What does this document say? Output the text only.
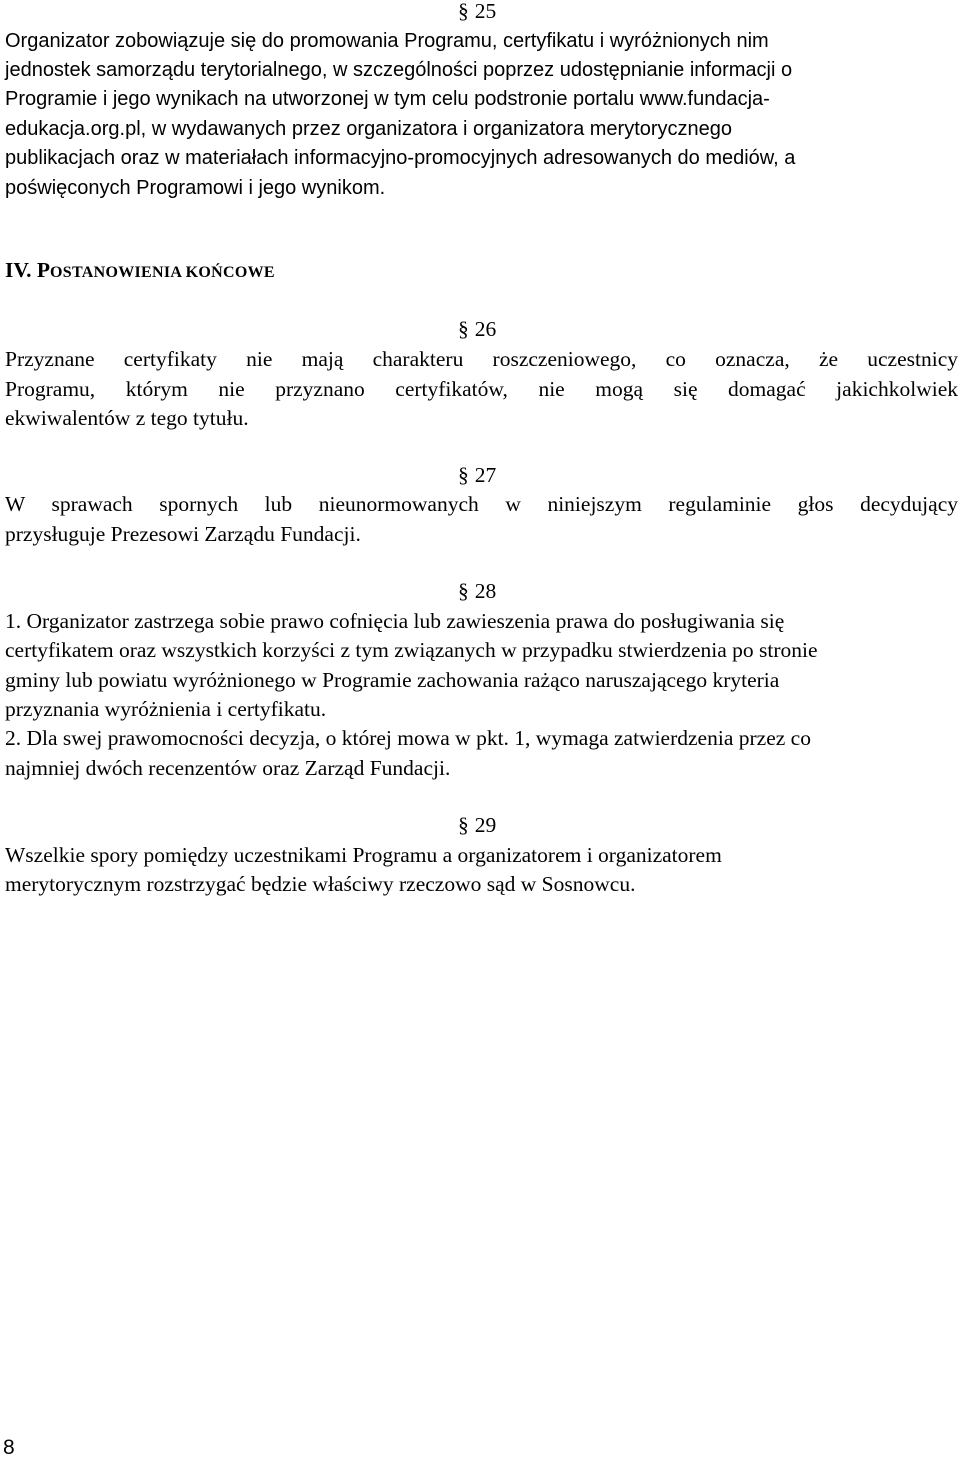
§ 25
Organizator zobowiązuje się do promowania Programu, certyfikatu i wyróżnionych nim
jednostek samorządu terytorialnego, w szczególności poprzez udostępnianie informacji o
Programie i jego wynikach na utworzonej w tym celu podstronie portalu www.fundacja-
edukacja.org.pl, w wydawanych przez organizatora i organizatora merytorycznego
publikacjach oraz w materiałach informacyjno-promocyjnych adresowanych do mediów, a
poświęconych Programowi i jego wynikom.
IV. POSTANOWIENIA KOŃCOWE
§ 26
Przyznane certyfikaty nie mają charakteru roszczeniowego, co oznacza, że uczestnicy
Programu, którym nie przyznano certyfikatów, nie mogą się domagać jakichkolwiek
ekwiwalentów z tego tytułu.
§ 27
W sprawach spornych lub nieunormowanych w niniejszym regulaminie głos decydujący
przysługuje Prezesowi Zarządu Fundacji.
§ 28
1. Organizator zastrzega sobie prawo cofnięcia lub zawieszenia prawa do posługiwania się
certyfikatem oraz wszystkich korzyści z tym związanych w przypadku stwierdzenia po stronie
gminy lub powiatu wyróżnionego w Programie zachowania rażąco naruszającego kryteria
przyznania wyróżnienia i certyfikatu.
2. Dla swej prawomocności decyzja, o której mowa w pkt. 1, wymaga zatwierdzenia przez co
najmniej dwóch recenzentów oraz Zarząd Fundacji.
§ 29
Wszelkie spory pomiędzy uczestnikami Programu a organizatorem i organizatorem
merytorycznym rozstrzygać będzie właściwy rzeczowo sąd w Sosnowcu.
8
